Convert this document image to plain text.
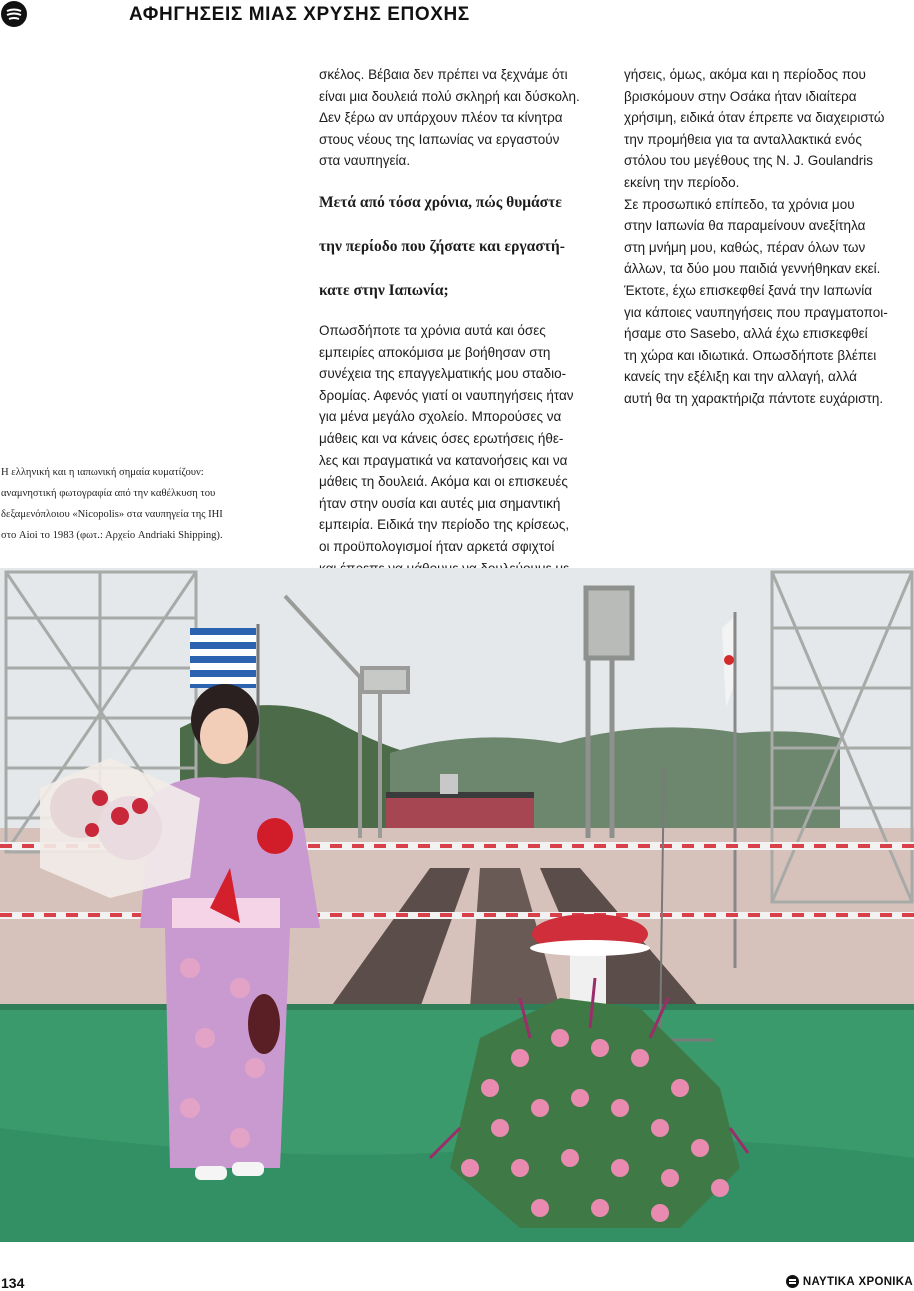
ΑΦΗΓΗΣΕΙΣ ΜΙΑΣ ΧΡΥΣΗΣ ΕΠΟΧΗΣ

σκέλος. Βέβαια δεν πρέπει να ξεχνάμε ότι
είναι μια δουλειά πολύ σκληρή και δύσκολη.
Δεν ξέρω αν υπάρχουν πλέον τα κίνητρα
στους νέους της Ιαπωνίας να εργαστούν
στα ναυπηγεία.

Μετά από τόσα χρόνια, πώς θυμάστε

την περίοδο που ζήσατε και εργαστή-

κατε στην Ιαπωνία;

Οπωσδήποτε τα χρόνια αυτά και όσες
εμπειρίες αποκόμισα με βοήθησαν στη
συνέχεια της επαγγελματικής μου σταδιο-
δρομίας. Αφενός γιατί οι ναυπηγήσεις ήταν
για μένα μεγάλο σχολείο. Μπορούσες να
μάθεις και να κάνεις όσες ερωτήσεις ήθε-
λες και πραγματικά να κατανοήσεις και να
μάθεις τη δουλειά. Ακόμα και οι επισκευές
ήταν στην ουσία και αυτές μια σημαντική
εμπειρία. Ειδικά την περίοδο της κρίσεως,
οι προϋπολογισμοί ήταν αρκετά σφιχτοί

γήσεις, όμως, ακόμα και η περίοδος που
βρισκόμουν στην Οσάκα ήταν ιδιαίτερα
χρήσιμη, ειδικά όταν έπρεπε να διαχειριστώ
την προμήθεια για τα ανταλλακτικά ενός
στόλου του μεγέθους της N. J. Goulandris
εκείνη την περίοδο.

Σε προσωπικό επίπεδο, τα χρόνια μου
στην Ιαπωνία θα παραμείνουν ανεξίτηλα
στη μνήμη μου, καθώς, πέραν όλων των
άλλων, τα δύο μου παιδιά γεννήθηκαν εκεί.
Έκτοτε, έχω επισκεφθεί ξανά την Ιαπωνία
για κάποιες ναυπηγήσεις που πραγματοποι-
ήσαμε στο Sasebo, αλλά έχω επισκεφθεί
τη χώρα και ιδιωτικά. Οπωσδήποτε βλέπει
κανείς την εξέλιξη και την αλλαγή, αλλά
αυτή θα τη χαρακτήριζα πάντοτε ευχάριστη.

Η ελληνική και η ιαπωνική σημαία κυματίζουν:

αναμνηστική φωτογραφία από την καθέλκυση του

δεξαμενόπλοιου «Nicopolis» στα ναυπηγεία της IHI

στο Aioi το 1983 (φωτ.: Αρχείο Andriaki Shipping).

134	ΝΑΥΤΙΚΑ ΧΡΟΝΙΚΑ
